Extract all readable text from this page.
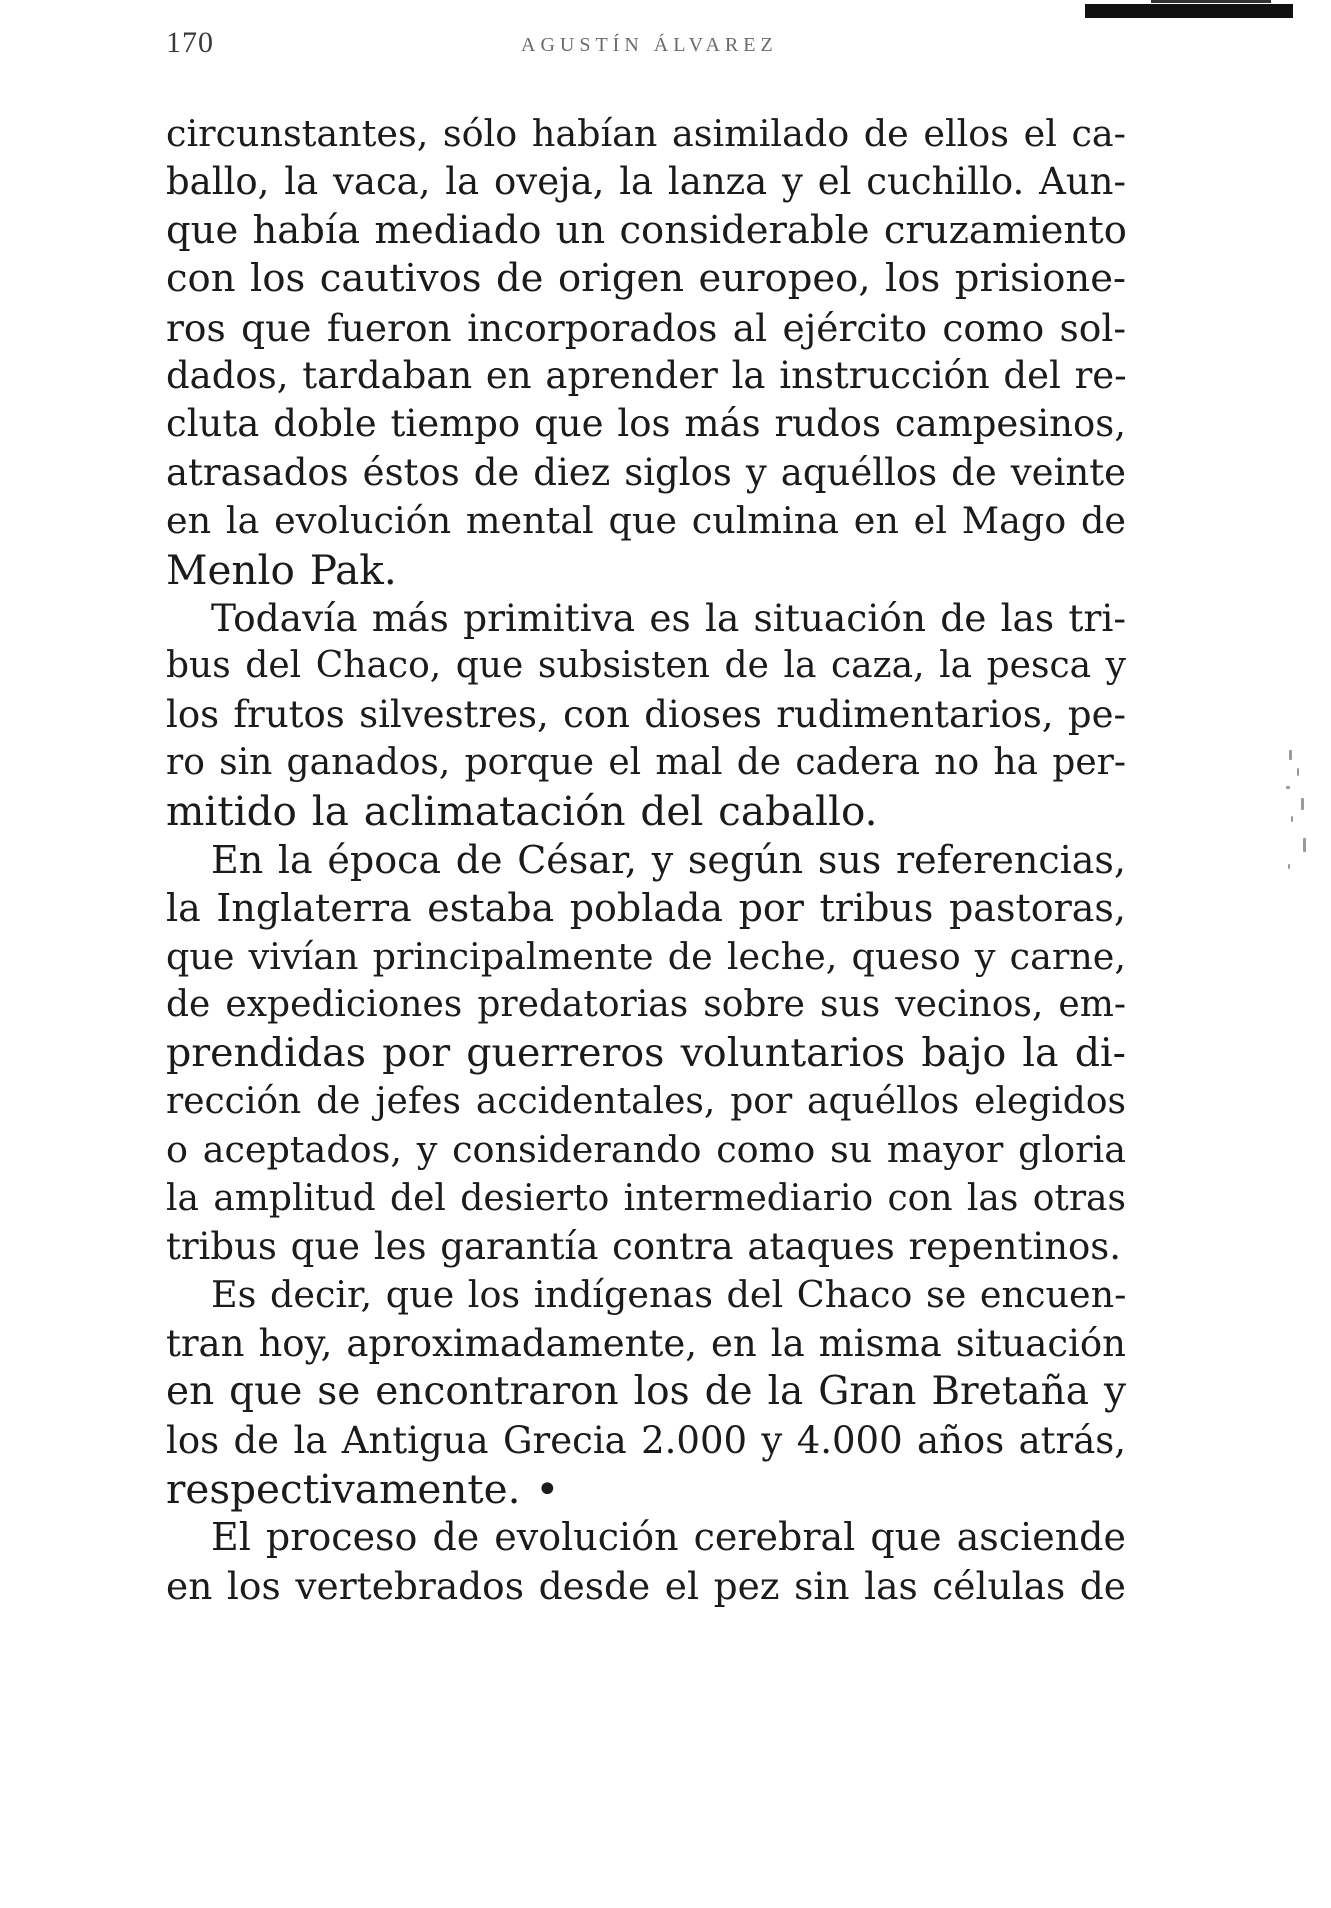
170	AGUSTÍN ÁLVAREZ
circunstantes, sólo habían asimilado de ellos el ca-
ballo, la vaca, la oveja, la lanza y el cuchillo. Aun-
que había mediado un considerable cruzamiento
con los cautivos de origen europeo, los prisione-
ros que fueron incorporados al ejército como sol-
dados, tardaban en aprender la instrucción del re-
cluta doble tiempo que los más rudos campesinos,
atrasados éstos de diez siglos y aquéllos de veinte
en la evolución mental que culmina en el Mago de
Menlo Pak.
Todavía más primitiva es la situación de las tri-
bus del Chaco, que subsisten de la caza, la pesca y
los frutos silvestres, con dioses rudimentarios, pe-
ro sin ganados, porque el mal de cadera no ha per-
mitido la aclimatación del caballo.
En la época de César, y según sus referencias,
la Inglaterra estaba poblada por tribus pastoras,
que vivían principalmente de leche, queso y carne,
de expediciones predatorias sobre sus vecinos, em-
prendidas por guerreros voluntarios bajo la di-
rección de jefes accidentales, por aquéllos elegidos
o aceptados, y considerando como su mayor gloria
la amplitud del desierto intermediario con las otras
tribus que les garantía contra ataques repentinos.
Es decir, que los indígenas del Chaco se encuen-
tran hoy, aproximadamente, en la misma situación
en que se encontraron los de la Gran Bretaña y
los de la Antigua Grecia 2.000 y 4.000 años atrás,
respectivamente. •
El proceso de evolución cerebral que asciende
en los vertebrados desde el pez sin las células de
